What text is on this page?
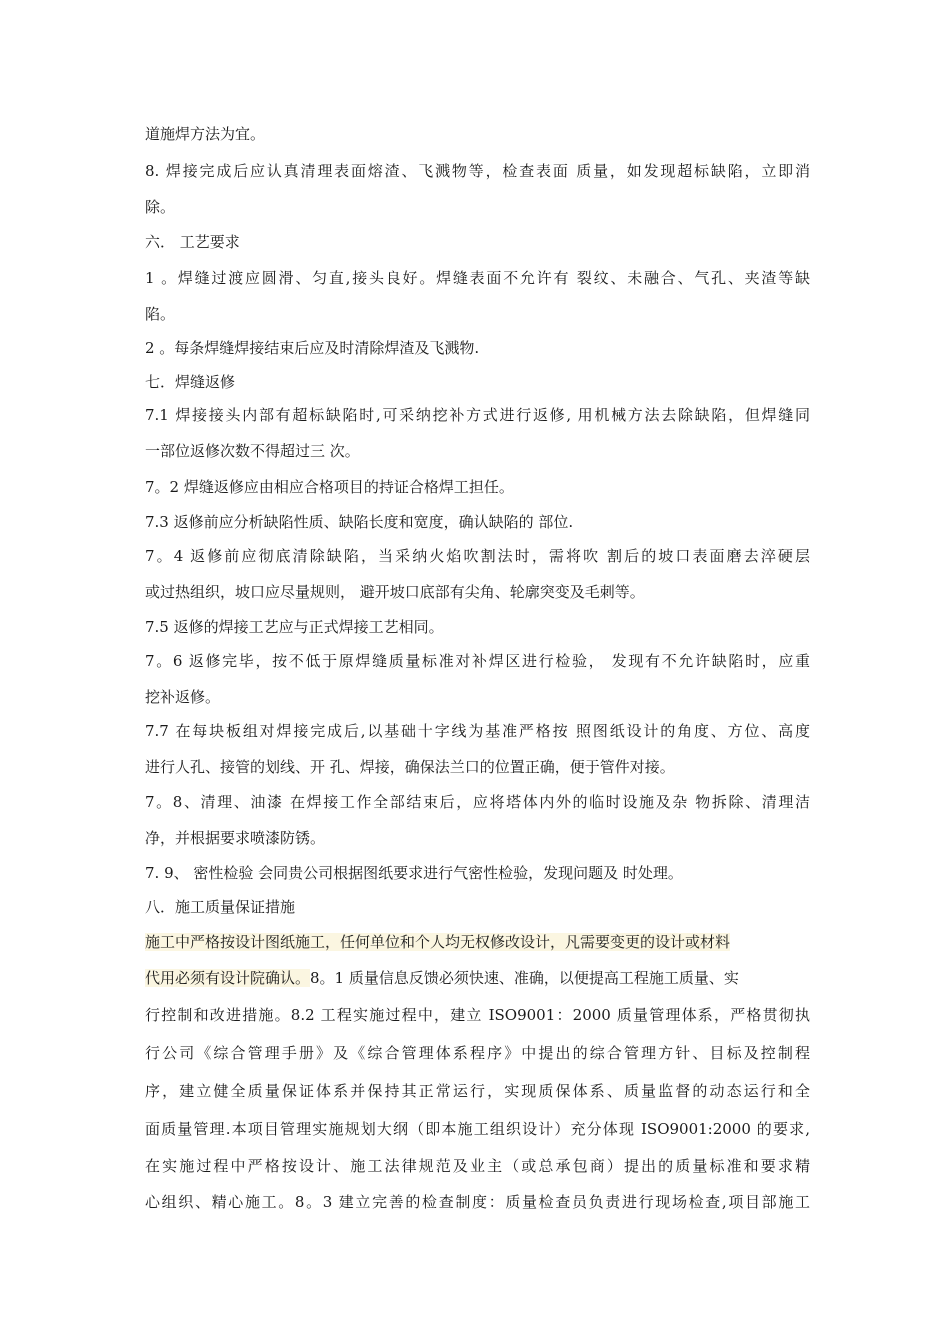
道施焊方法为宜。
8. 焊接完成后应认真清理表面熔渣、飞溅物等，检查表面 质量，如发现超标缺陷，立即消
除。
六． 工艺要求
1 。焊缝过渡应圆滑、匀直,接头良好。焊缝表面不允许有 裂纹、未融合、气孔、夹渣等缺
陷。
2 。每条焊缝焊接结束后应及时清除焊渣及飞溅物.
七．焊缝返修
7.1 焊接接头内部有超标缺陷时,可采纳挖补方式进行返修, 用机械方法去除缺陷，但焊缝同
一部位返修次数不得超过三 次。
7。2 焊缝返修应由相应合格项目的持证合格焊工担任。
7.3 返修前应分析缺陷性质、缺陷长度和宽度，确认缺陷的 部位.
7。4 返修前应彻底清除缺陷，当采纳火焰吹割法时，需将吹 割后的坡口表面磨去淬硬层
或过热组织，坡口应尽量规则， 避开坡口底部有尖角、轮廓突变及毛刺等。
7.5 返修的焊接工艺应与正式焊接工艺相同。
7。6 返修完毕，按不低于原焊缝质量标准对补焊区进行检验， 发现有不允许缺陷时，应重
挖补返修。
7.7 在每块板组对焊接完成后,以基础十字线为基准严格按 照图纸设计的角度、方位、高度
进行人孔、接管的划线、开 孔、焊接，确保法兰口的位置正确，便于管件对接。
7。8、清理、油漆 在焊接工作全部结束后，应将塔体内外的临时设施及杂 物拆除、清理洁
净，并根据要求喷漆防锈。
7. 9、 密性检验 会同贵公司根据图纸要求进行气密性检验，发现问题及 时处理。
八．施工质量保证措施
施工中严格按设计图纸施工，任何单位和个人均无权修改设计，凡需要变更的设计或材料
代用必须有设计院确认。8。1 质量信息反馈必须快速、准确，以便提高工程施工质量、实
行控制和改进措施。8.2 工程实施过程中，建立 ISO9001：2000 质量管理体系，严格贯彻执
行公司《综合管理手册》及《综合管理体系程序》中提出的综合管理方针、目标及控制程
序，建立健全质量保证体系并保持其正常运行，实现质保体系、质量监督的动态运行和全
面质量管理.本项目管理实施规划大纲（即本施工组织设计）充分体现 ISO9001:2000 的要求,
在实施过程中严格按设计、施工法律规范及业主（或总承包商）提出的质量标准和要求精
心组织、精心施工。8。3 建立完善的检查制度：质量检查员负责进行现场检查,项目部施工
